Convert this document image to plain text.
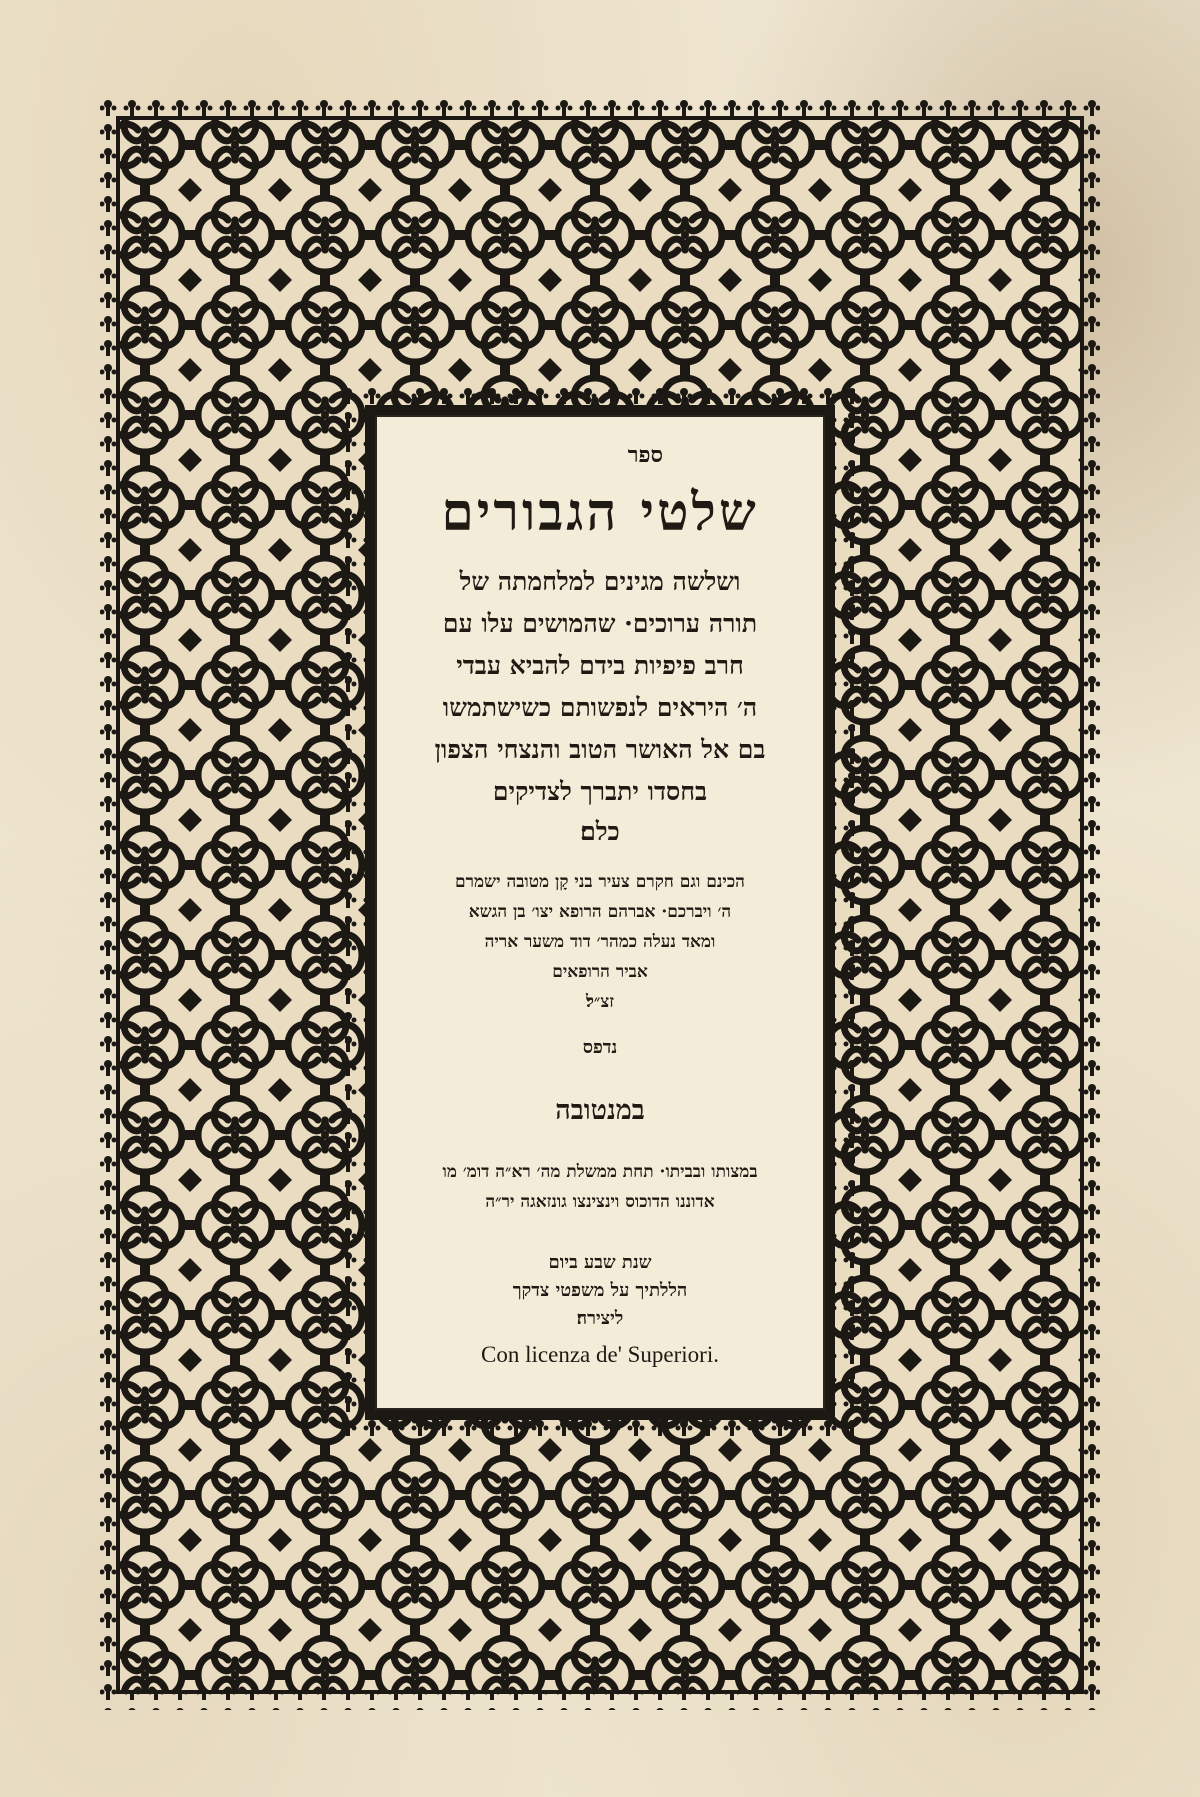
ספר
שלטי הגבורים
ושלשה מגינים למלחמתה של
תורה ערוכים· שהמושים עלו עם
חרב פיפיות בידם להביא עבדי
ה׳ היראים לנפשותם כשישתמשו
בם אל האושר הטוב והנצחי הצפון
בחסדו יתברך לצדיקים
כלם׃
הכינם וגם חקרם צעיר בני קָן מטובה ישמרם
ה׳ ויברכם· אברהם הרופא יצו׳ בן הגשא
ומאד נעלה כמהר׳ דוד משער אריה
אביר הרופאים
זצ״ל׃
נדפס
במנטובה
במצותו ובביתו· תחת ממשלת מה׳ רא״ה דומ׳ מו
אדוננו הדוכוס וינצינצו גונזאגה יר״ה
שנת שבע ביום
הללתיך על משפטי צדקך
ליצירה׃
Con licenza de' Superiori.
